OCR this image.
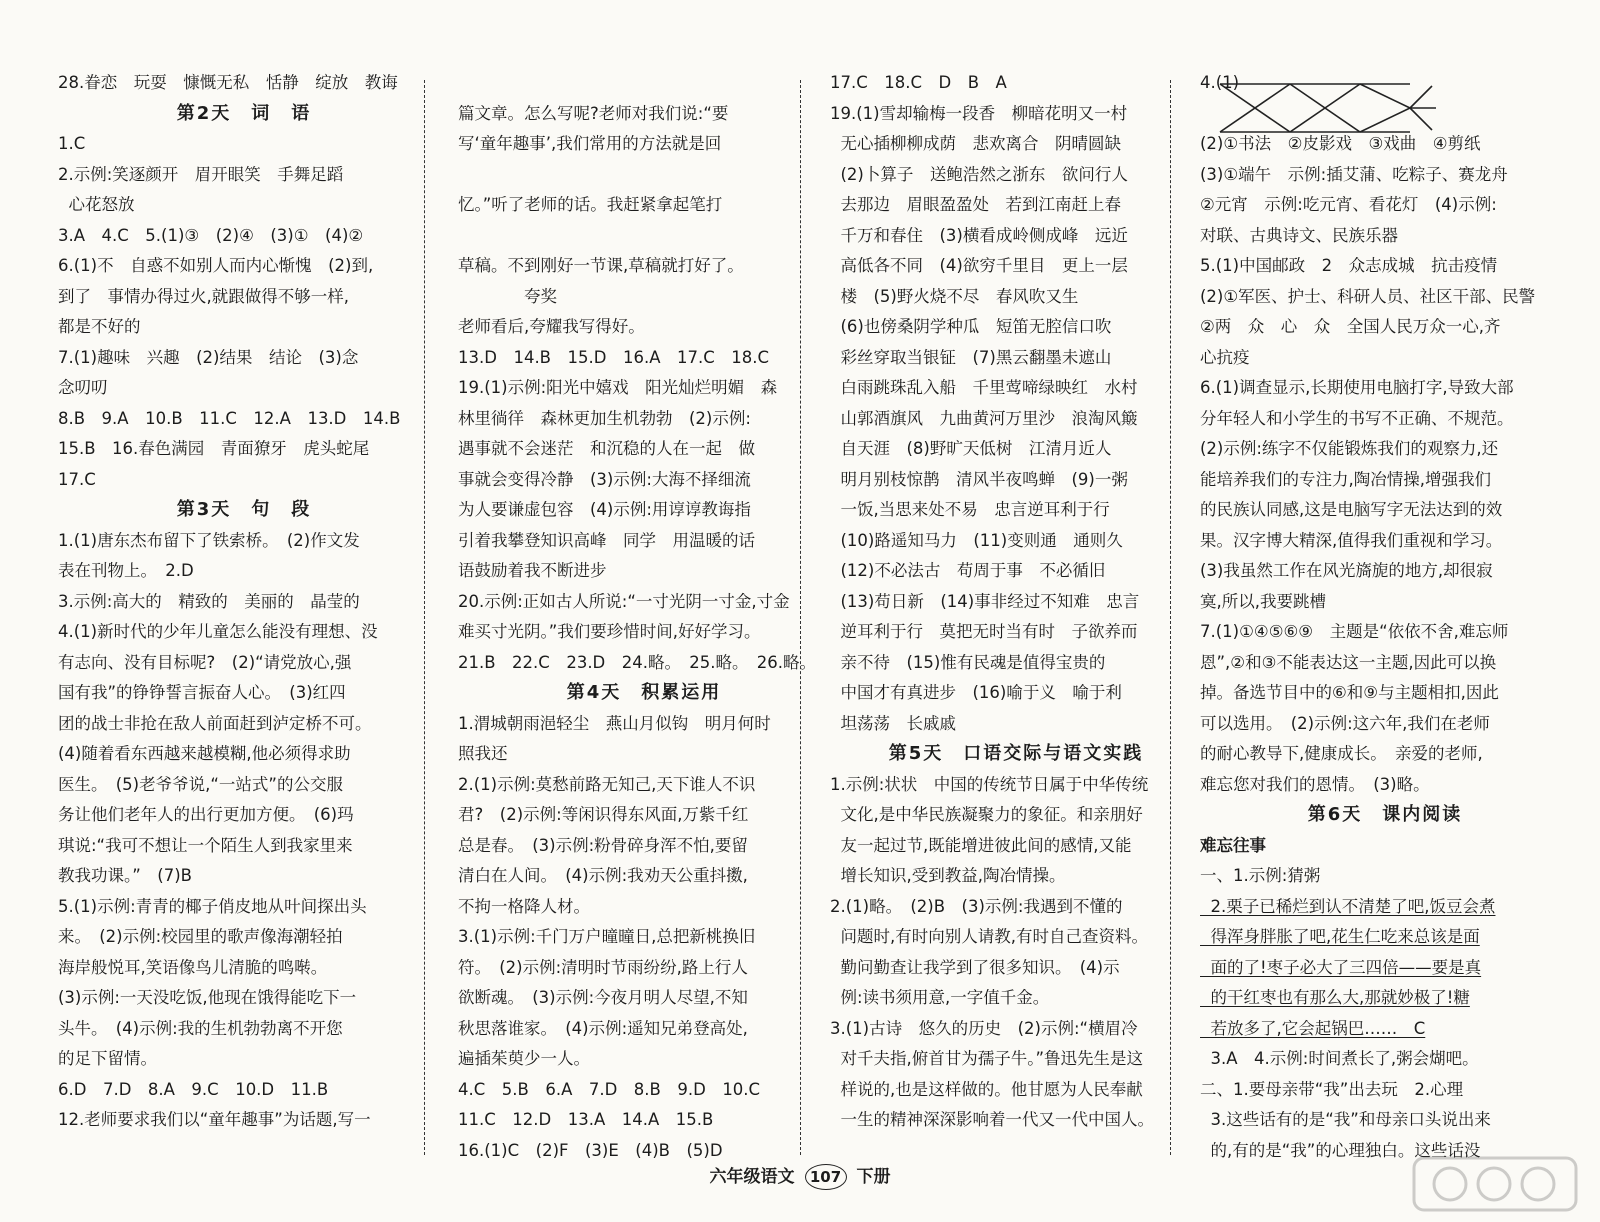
28.眷恋　玩耍　慷慨无私　恬静　绽放　教诲
第2天　词　语
1.C
2.示例:笑逐颜开　眉开眼笑　手舞足蹈
心花怒放
3.A　4.C　5.(1)③　(2)④　(3)①　(4)②
6.(1)不　自惑不如别人而内心惭愧　(2)到,
到了　事情办得过火,就跟做得不够一样,
都是不好的
7.(1)趣味　兴趣　(2)结果　结论　(3)念
念叨叨
8.B　9.A　10.B　11.C　12.A　13.D　14.B
15.B　16.春色满园　青面獠牙　虎头蛇尾
17.C
第3天　句　段
1.(1)唐东杰布留下了铁索桥。　(2)作文发
表在刊物上。　2.D
3.示例:高大的　精致的　美丽的　晶莹的
4.(1)新时代的少年儿童怎么能没有理想、没
有志向、没有目标呢?　(2)“请党放心,强
国有我”的铮铮誓言振奋人心。　(3)红四
团的战士非抢在敌人前面赶到泸定桥不可。
(4)随着看东西越来越模糊,他必须得求助
医生。　(5)老爷爷说,“一站式”的公交服
务让他们老年人的出行更加方便。　(6)玛
琪说:“我可不想让一个陌生人到我家里来
教我功课。”　(7)B
5.(1)示例:青青的椰子俏皮地从叶间探出头
来。　(2)示例:校园里的歌声像海潮轻拍
海岸般悦耳,笑语像鸟儿清脆的鸣啭。
(3)示例:一天没吃饭,他现在饿得能吃下一
头牛。　(4)示例:我的生机勃勃离不开您
的足下留情。
6.D　7.D　8.A　9.C　10.D　11.B
12.老师要求我们以“童年趣事”为话题,写一
篇文章。怎么写呢?老师对我们说:“要
写‘童年趣事’,我们常用的方法就是回
忆。”听了老师的话。我赶紧拿起笔打
草稿。不到刚好一节课,草稿就打好了。
　　　　夸奖
老师看后,夸耀我写得好。
13.D　14.B　15.D　16.A　17.C　18.C
19.(1)示例:阳光中嬉戏　阳光灿烂明媚　森
林里徜徉　森林更加生机勃勃　(2)示例:
遇事就不会迷茫　和沉稳的人在一起　做
事就会变得冷静　(3)示例:大海不择细流
为人要谦虚包容　(4)示例:用谆谆教诲指
引着我攀登知识高峰　同学　用温暖的话
语鼓励着我不断进步
20.示例:正如古人所说:“一寸光阴一寸金,寸金
难买寸光阴。”我们要珍惜时间,好好学习。
21.B　22.C　23.D　24.略。　25.略。　26.略。
第4天　积累运用
1.渭城朝雨浥轻尘　燕山月似钩　明月何时
照我还
2.(1)示例:莫愁前路无知己,天下谁人不识
君?　(2)示例:等闲识得东风面,万紫千红
总是春。　(3)示例:粉骨碎身浑不怕,要留
清白在人间。　(4)示例:我劝天公重抖擞,
不拘一格降人材。
3.(1)示例:千门万户曈曈日,总把新桃换旧
符。　(2)示例:清明时节雨纷纷,路上行人
欲断魂。　(3)示例:今夜月明人尽望,不知
秋思落谁家。　(4)示例:遥知兄弟登高处,
遍插茱萸少一人。
4.C　5.B　6.A　7.D　8.B　9.D　10.C
11.C　12.D　13.A　14.A　15.B
16.(1)C　(2)F　(3)E　(4)B　(5)D
17.C　18.C　D　B　A
19.(1)雪却输梅一段香　柳暗花明又一村
无心插柳柳成荫　悲欢离合　阴晴圆缺
(2)卜算子　送鲍浩然之浙东　欲问行人
去那边　眉眼盈盈处　若到江南赶上春
千万和春住　(3)横看成岭侧成峰　远近
高低各不同　(4)欲穷千里目　更上一层
楼　(5)野火烧不尽　春风吹又生
(6)也傍桑阴学种瓜　短笛无腔信口吹
彩丝穿取当银钲　(7)黑云翻墨未遮山
白雨跳珠乱入船　千里莺啼绿映红　水村
山郭酒旗风　九曲黄河万里沙　浪淘风簸
自天涯　(8)野旷天低树　江清月近人
明月别枝惊鹊　清风半夜鸣蝉　(9)一粥
一饭,当思来处不易　忠言逆耳利于行
(10)路遥知马力　(11)变则通　通则久
(12)不必法古　苟周于事　不必循旧
(13)苟日新　(14)事非经过不知难　忠言
逆耳利于行　莫把无时当有时　子欲养而
亲不待　(15)惟有民魂是值得宝贵的
中国才有真进步　(16)喻于义　喻于利
坦荡荡　长戚戚
第5天　口语交际与语文实践
1.示例:状状　中国的传统节日属于中华传统
文化,是中华民族凝聚力的象征。和亲朋好
友一起过节,既能增进彼此间的感情,又能
增长知识,受到教益,陶冶情操。
2.(1)略。　(2)B　(3)示例:我遇到不懂的
问题时,有时向别人请教,有时自己查资料。
勤问勤查让我学到了很多知识。　(4)示
例:读书须用意,一字值千金。
3.(1)古诗　悠久的历史　(2)示例:“横眉冷
对千夫指,俯首甘为孺子牛。”鲁迅先生是这
样说的,也是这样做的。他甘愿为人民奉献
一生的精神深深影响着一代又一代中国人。
4.(1)
(2)①书法　②皮影戏　③戏曲　④剪纸
(3)①端午　示例:插艾蒲、吃粽子、赛龙舟
②元宵　示例:吃元宵、看花灯　(4)示例:
对联、古典诗文、民族乐器
5.(1)中国邮政　2　众志成城　抗击疫情
(2)①军医、护士、科研人员、社区干部、民警
②两　众　心　众　全国人民万众一心,齐
心抗疫
6.(1)调查显示,长期使用电脑打字,导致大部
分年轻人和小学生的书写不正确、不规范。
(2)示例:练字不仅能锻炼我们的观察力,还
能培养我们的专注力,陶冶情操,增强我们
的民族认同感,这是电脑写字无法达到的效
果。汉字博大精深,值得我们重视和学习。
(3)我虽然工作在风光旖旎的地方,却很寂
寞,所以,我要跳槽
7.(1)①④⑤⑥⑨　主题是“依依不舍,难忘师
恩”,②和③不能表达这一主题,因此可以换
掉。备选节目中的⑥和⑨与主题相扣,因此
可以选用。　(2)示例:这六年,我们在老师
的耐心教导下,健康成长。　亲爱的老师,
难忘您对我们的恩情。　(3)略。
第6天　课内阅读
难忘往事
一、1.示例:猜粥
2.栗子已稀烂到认不清楚了吧,饭豆会煮
得浑身胖胀了吧,花生仁吃来总该是面
面的了!枣子必大了三四倍——要是真
的干红枣也有那么大,那就妙极了!糖
若放多了,它会起锅巴……　C
3.A　4.示例:时间煮长了,粥会煳吧。
二、1.要母亲带“我”出去玩　2.心理
3.这些话有的是“我”和母亲口头说出来
的,有的是“我”的心理独白。这些话没
六年级语文 107 下册
